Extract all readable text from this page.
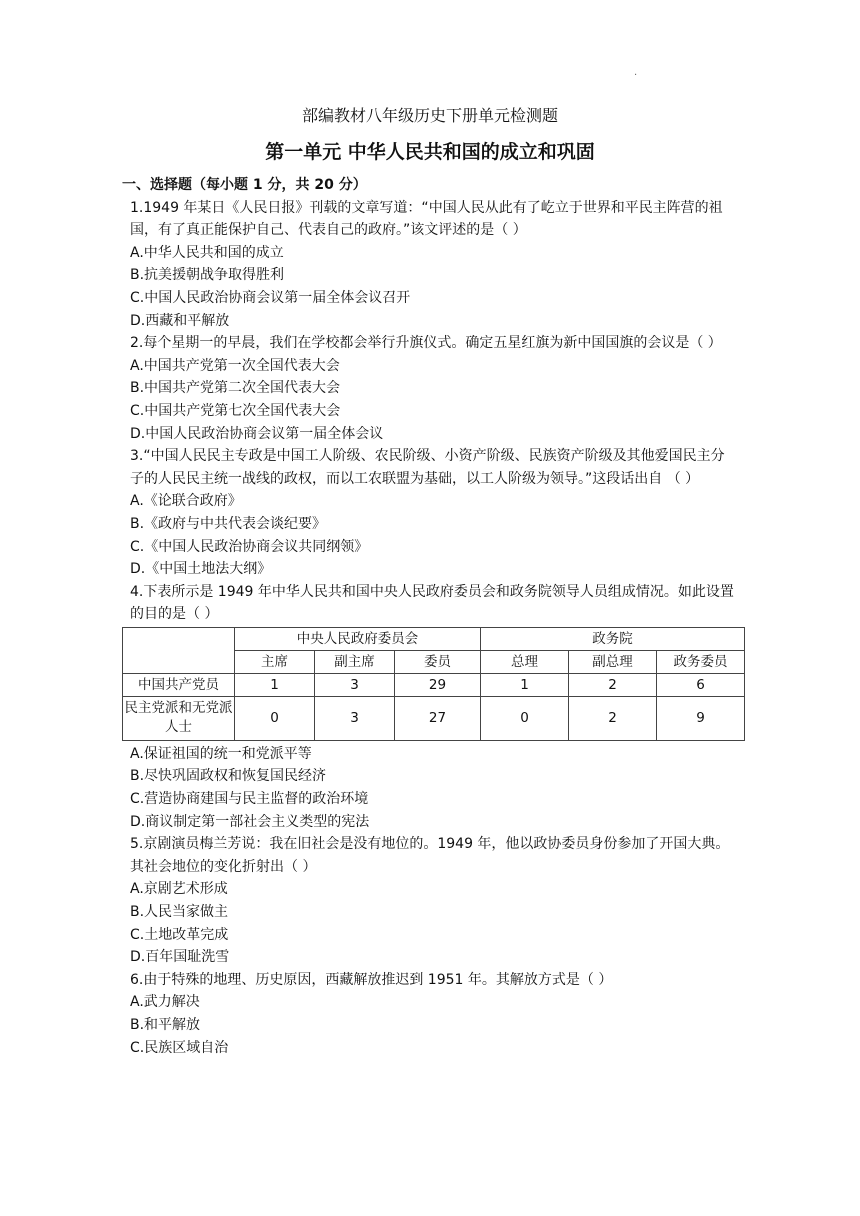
·
部编教材八年级历史下册单元检测题
第一单元 中华人民共和国的成立和巩固
一、选择题（每小题 1 分，共 20 分）
1.1949 年某日《人民日报》刊载的文章写道：“中国人民从此有了屹立于世界和平民主阵营的祖国，有了真正能保护自己、代表自己的政府。”该文评述的是（ ）
A.中华人民共和国的成立
B.抗美援朝战争取得胜利
C.中国人民政治协商会议第一届全体会议召开
D.西藏和平解放
2.每个星期一的早晨，我们在学校都会举行升旗仪式。确定五星红旗为新中国国旗的会议是（ ）
A.中国共产党第一次全国代表大会
B.中国共产党第二次全国代表大会
C.中国共产党第七次全国代表大会
D.中国人民政治协商会议第一届全体会议
3.“中国人民民主专政是中国工人阶级、农民阶级、小资产阶级、民族资产阶级及其他爱国民主分子的人民民主统一战线的政权，而以工农联盟为基础，以工人阶级为领导。”这段话出自 （ ）
A.《论联合政府》
B.《政府与中共代表会谈纪要》
C.《中国人民政治协商会议共同纲领》
D.《中国土地法大纲》
4.下表所示是 1949 年中华人民共和国中央人民政府委员会和政务院领导人员组成情况。如此设置的目的是（ ）
	中央人民政府委员会			政务院		
	主席	副主席	委员	总理	副总理	政务委员
中国共产党员	1	3	29	1	2	6
民主党派和无党派人士	0	3	27	0	2	9
A.保证祖国的统一和党派平等
B.尽快巩固政权和恢复国民经济
C.营造协商建国与民主监督的政治环境
D.商议制定第一部社会主义类型的宪法
5.京剧演员梅兰芳说：我在旧社会是没有地位的。1949 年，他以政协委员身份参加了开国大典。其社会地位的变化折射出（ ）
A.京剧艺术形成
B.人民当家做主
C.土地改革完成
D.百年国耻洗雪
6.由于特殊的地理、历史原因，西藏解放推迟到 1951 年。其解放方式是（ ）
A.武力解决
B.和平解放
C.民族区域自治
